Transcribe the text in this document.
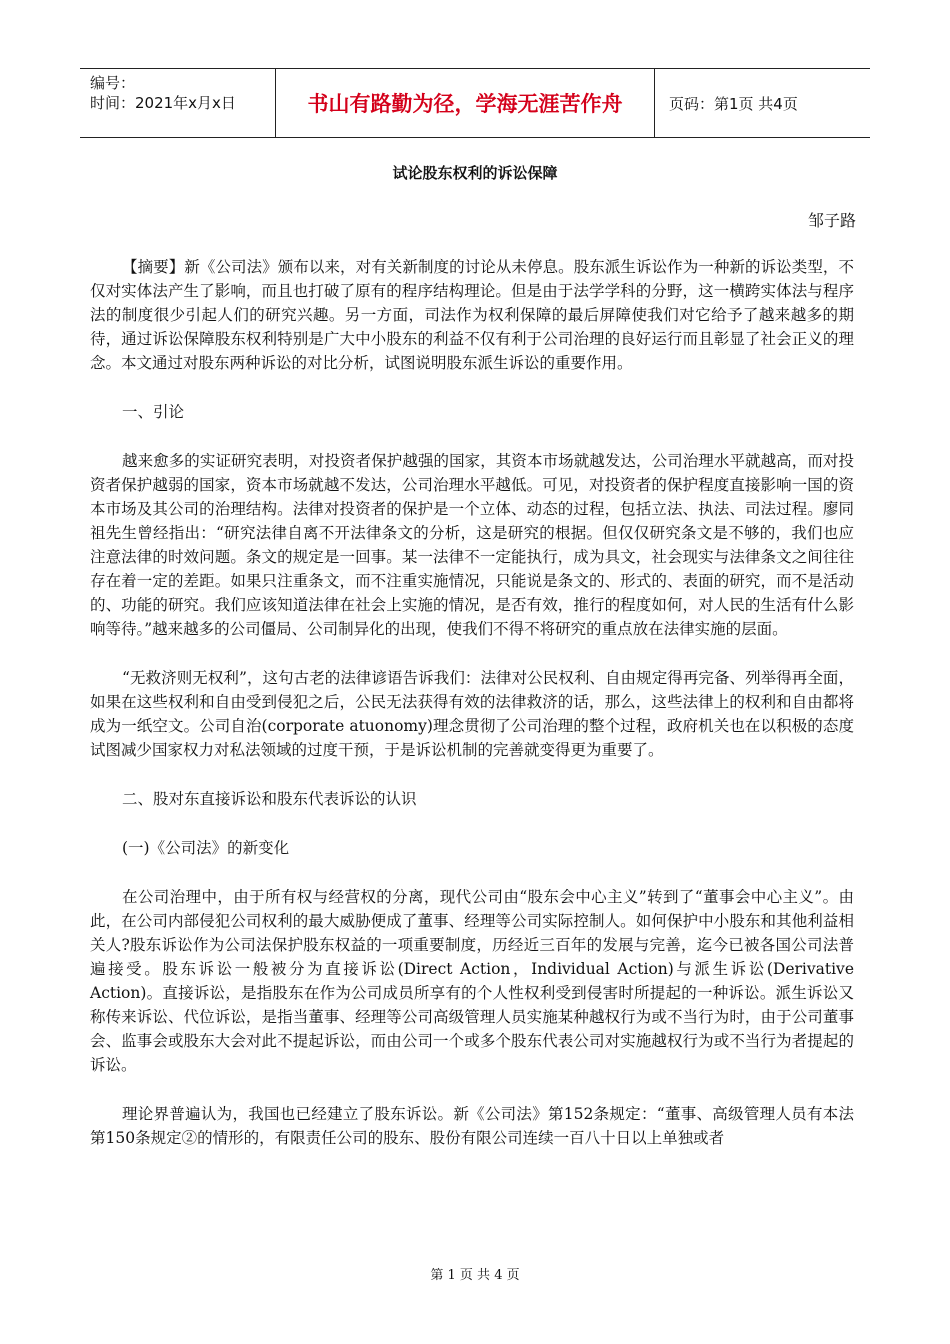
编号：
时间：2021年x月x日	书山有路勤为径，学海无涯苦作舟	页码：第1页 共4页
试论股东权利的诉讼保障
邹子路

【摘要】新《公司法》颁布以来，对有关新制度的讨论从未停息。股东派生诉讼作为一种新的诉讼类型，不仅对实体法产生了影响，而且也打破了原有的程序结构理论。但是由于法学学科的分野，这一横跨实体法与程序法的制度很少引起人们的研究兴趣。另一方面，司法作为权利保障的最后屏障使我们对它给予了越来越多的期待，通过诉讼保障股东权利特别是广大中小股东的利益不仅有利于公司治理的良好运行而且彰显了社会正义的理念。本文通过对股东两种诉讼的对比分析，试图说明股东派生诉讼的重要作用。

一、引论

越来愈多的实证研究表明，对投资者保护越强的国家，其资本市场就越发达，公司治理水平就越高，而对投资者保护越弱的国家，资本市场就越不发达，公司治理水平越低。可见，对投资者的保护程度直接影响一国的资本市场及其公司的治理结构。法律对投资者的保护是一个立体、动态的过程，包括立法、执法、司法过程。廖同祖先生曾经指出：“研究法律自离不开法律条文的分析，这是研究的根据。但仅仅研究条文是不够的，我们也应注意法律的时效问题。条文的规定是一回事。某一法律不一定能执行，成为具文，社会现实与法律条文之间往往存在着一定的差距。如果只注重条文，而不注重实施情况，只能说是条文的、形式的、表面的研究，而不是活动的、功能的研究。我们应该知道法律在社会上实施的情况，是否有效，推行的程度如何，对人民的生活有什么影响等待。”越来越多的公司僵局、公司制异化的出现，使我们不得不将研究的重点放在法律实施的层面。

“无救济则无权利”，这句古老的法律谚语告诉我们：法律对公民权利、自由规定得再完备、列举得再全面，如果在这些权利和自由受到侵犯之后，公民无法获得有效的法律救济的话，那么，这些法律上的权利和自由都将成为一纸空文。公司自治(corporate atuonomy)理念贯彻了公司治理的整个过程，政府机关也在以积极的态度试图减少国家权力对私法领域的过度干预，于是诉讼机制的完善就变得更为重要了。

二、股对东直接诉讼和股东代表诉讼的认识

(一)《公司法》的新变化

在公司治理中，由于所有权与经营权的分离，现代公司由“股东会中心主义”转到了“董事会中心主义”。由此，在公司内部侵犯公司权利的最大威胁便成了董事、经理等公司实际控制人。如何保护中小股东和其他利益相关人?股东诉讼作为公司法保护股东权益的一项重要制度，历经近三百年的发展与完善，迄今已被各国公司法普遍接受。股东诉讼一般被分为直接诉讼(Direct Action，Individual Action)与派生诉讼(Derivative Action)。直接诉讼，是指股东在作为公司成员所享有的个人性权利受到侵害时所提起的一种诉讼。派生诉讼又称传来诉讼、代位诉讼，是指当董事、经理等公司高级管理人员实施某种越权行为或不当行为时，由于公司董事会、监事会或股东大会对此不提起诉讼，而由公司一个或多个股东代表公司对实施越权行为或不当行为者提起的诉讼。

理论界普遍认为，我国也已经建立了股东诉讼。新《公司法》第152条规定：“董事、高级管理人员有本法第150条规定②的情形的，有限责任公司的股东、股份有限公司连续一百八十日以上单独或者

第 1 页 共 4 页
